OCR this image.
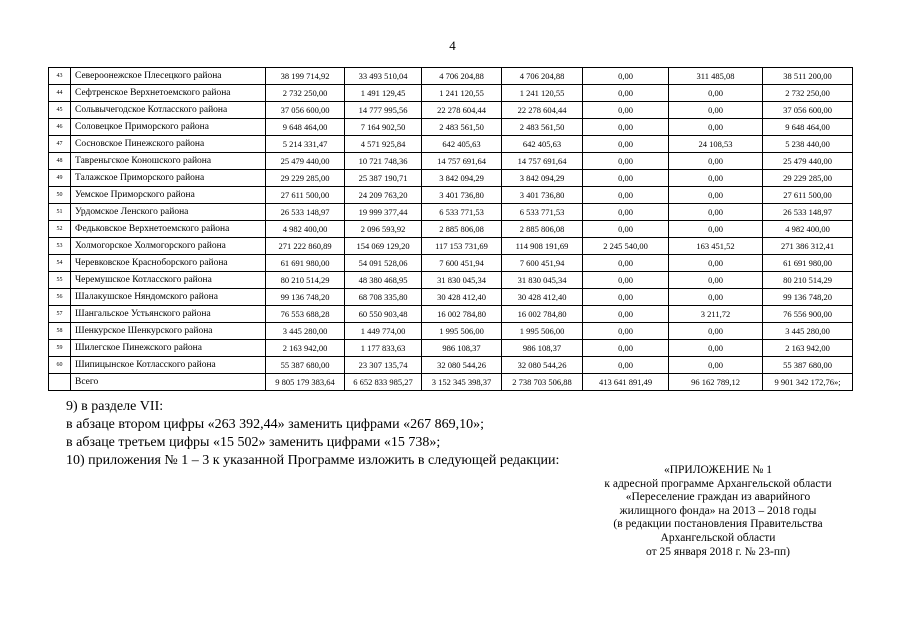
4
43	Североонежское Плесецкого района	38 199 714,92	33 493 510,04	4 706 204,88	4 706 204,88	0,00	311 485,08	38 511 200,00
44	Сефтренское Верхнетоемского района	2 732 250,00	1 491 129,45	1 241 120,55	1 241 120,55	0,00	0,00	2 732 250,00
45	Сольвычегодское Котласского района	37 056 600,00	14 777 995,56	22 278 604,44	22 278 604,44	0,00	0,00	37 056 600,00
46	Соловецкое Приморского района	9 648 464,00	7 164 902,50	2 483 561,50	2 483 561,50	0,00	0,00	9 648 464,00
47	Сосновское Пинежского района	5 214 331,47	4 571 925,84	642 405,63	642 405,63	0,00	24 108,53	5 238 440,00
48	Тавреньгское Коношского района	25 479 440,00	10 721 748,36	14 757 691,64	14 757 691,64	0,00	0,00	25 479 440,00
49	Талажское Приморского района	29 229 285,00	25 387 190,71	3 842 094,29	3 842 094,29	0,00	0,00	29 229 285,00
50	Уемское Приморского района	27 611 500,00	24 209 763,20	3 401 736,80	3 401 736,80	0,00	0,00	27 611 500,00
51	Урдомское Ленского района	26 533 148,97	19 999 377,44	6 533 771,53	6 533 771,53	0,00	0,00	26 533 148,97
52	Федьковское Верхнетоемского района	4 982 400,00	2 096 593,92	2 885 806,08	2 885 806,08	0,00	0,00	4 982 400,00
53	Холмогорское Холмогорского района	271 222 860,89	154 069 129,20	117 153 731,69	114 908 191,69	2 245 540,00	163 451,52	271 386 312,41
54	Черевковское Красноборского района	61 691 980,00	54 091 528,06	7 600 451,94	7 600 451,94	0,00	0,00	61 691 980,00
55	Черемушское Котласского района	80 210 514,29	48 380 468,95	31 830 045,34	31 830 045,34	0,00	0,00	80 210 514,29
56	Шалакушское Няндомского района	99 136 748,20	68 708 335,80	30 428 412,40	30 428 412,40	0,00	0,00	99 136 748,20
57	Шангальское Устьянского района	76 553 688,28	60 550 903,48	16 002 784,80	16 002 784,80	0,00	3 211,72	76 556 900,00
58	Шенкурское Шенкурского района	3 445 280,00	1 449 774,00	1 995 506,00	1 995 506,00	0,00	0,00	3 445 280,00
59	Шилегское Пинежского района	2 163 942,00	1 177 833,63	986 108,37	986 108,37	0,00	0,00	2 163 942,00
60	Шипицынское Котласского района	55 387 680,00	23 307 135,74	32 080 544,26	32 080 544,26	0,00	0,00	55 387 680,00
	Всего	9 805 179 383,64	6 652 833 985,27	3 152 345 398,37	2 738 703 506,88	413 641 891,49	96 162 789,12	9 901 342 172,76»;

9) в разделе VII:

в абзаце втором цифры «263 392,44» заменить цифрами «267 869,10»;

в абзаце третьем цифры «15 502» заменить цифрами «15 738»;

10) приложения № 1 – 3 к указанной Программе изложить в следующей редакции:

«ПРИЛОЖЕНИЕ № 1
к адресной программе Архангельской области
«Переселение граждан из аварийного
жилищного фонда» на 2013 – 2018 годы
(в редакции постановления Правительства
Архангельской области
от 25 января 2018 г. № 23-пп)
